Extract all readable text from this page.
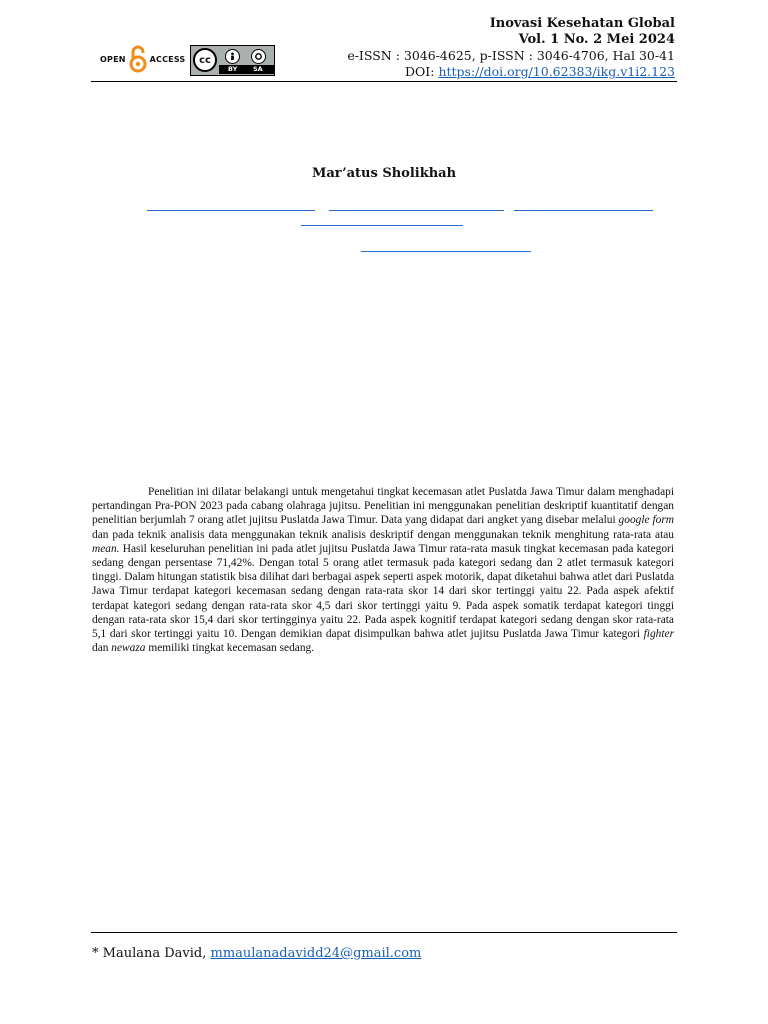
OPEN	ACCESS	cc
BY SA
Inovasi Kesehatan Global
Vol. 1 No. 2 Mei 2024
e-ISSN : 3046-4625, p-ISSN : 3046-4706, Hal 30-41
DOI: https://doi.org/10.62383/ikg.v1i2.123
Mar’atus Sholikhah
Penelitian ini dilatar belakangi untuk mengetahui tingkat kecemasan atlet Puslatda Jawa Timur dalam menghadapi pertandingan Pra-PON 2023 pada cabang olahraga jujitsu. Penelitian ini menggunakan penelitian deskriptif kuantitatif dengan penelitian berjumlah 7 orang atlet jujitsu Puslatda Jawa Timur. Data yang didapat dari angket yang disebar melalui google form dan pada teknik analisis data menggunakan teknik analisis deskriptif dengan menggunakan teknik menghitung rata-rata atau mean. Hasil keseluruhan penelitian ini pada atlet jujitsu Puslatda Jawa Timur rata-rata masuk tingkat kecemasan pada kategori sedang dengan persentase 71,42%. Dengan total 5 orang atlet termasuk pada kategori sedang dan 2 atlet termasuk kategori tinggi. Dalam hitungan statistik bisa dilihat dari berbagai aspek seperti aspek motorik, dapat diketahui bahwa atlet dari Puslatda Jawa Timur terdapat kategori kecemasan sedang dengan rata-rata skor 14 dari skor tertinggi yaitu 22. Pada aspek afektif terdapat kategori sedang dengan rata-rata skor 4,5 dari skor tertinggi yaitu 9. Pada aspek somatik terdapat kategori tinggi dengan rata-rata skor 15,4 dari skor tertingginya yaitu 22. Pada aspek kognitif terdapat kategori sedang dengan skor rata-rata 5,1 dari skor tertinggi yaitu 10. Dengan demikian dapat disimpulkan bahwa atlet jujitsu Puslatda Jawa Timur kategori fighter dan newaza memiliki tingkat kecemasan sedang.
* Maulana David, mmaulanadavidd24@gmail.com
